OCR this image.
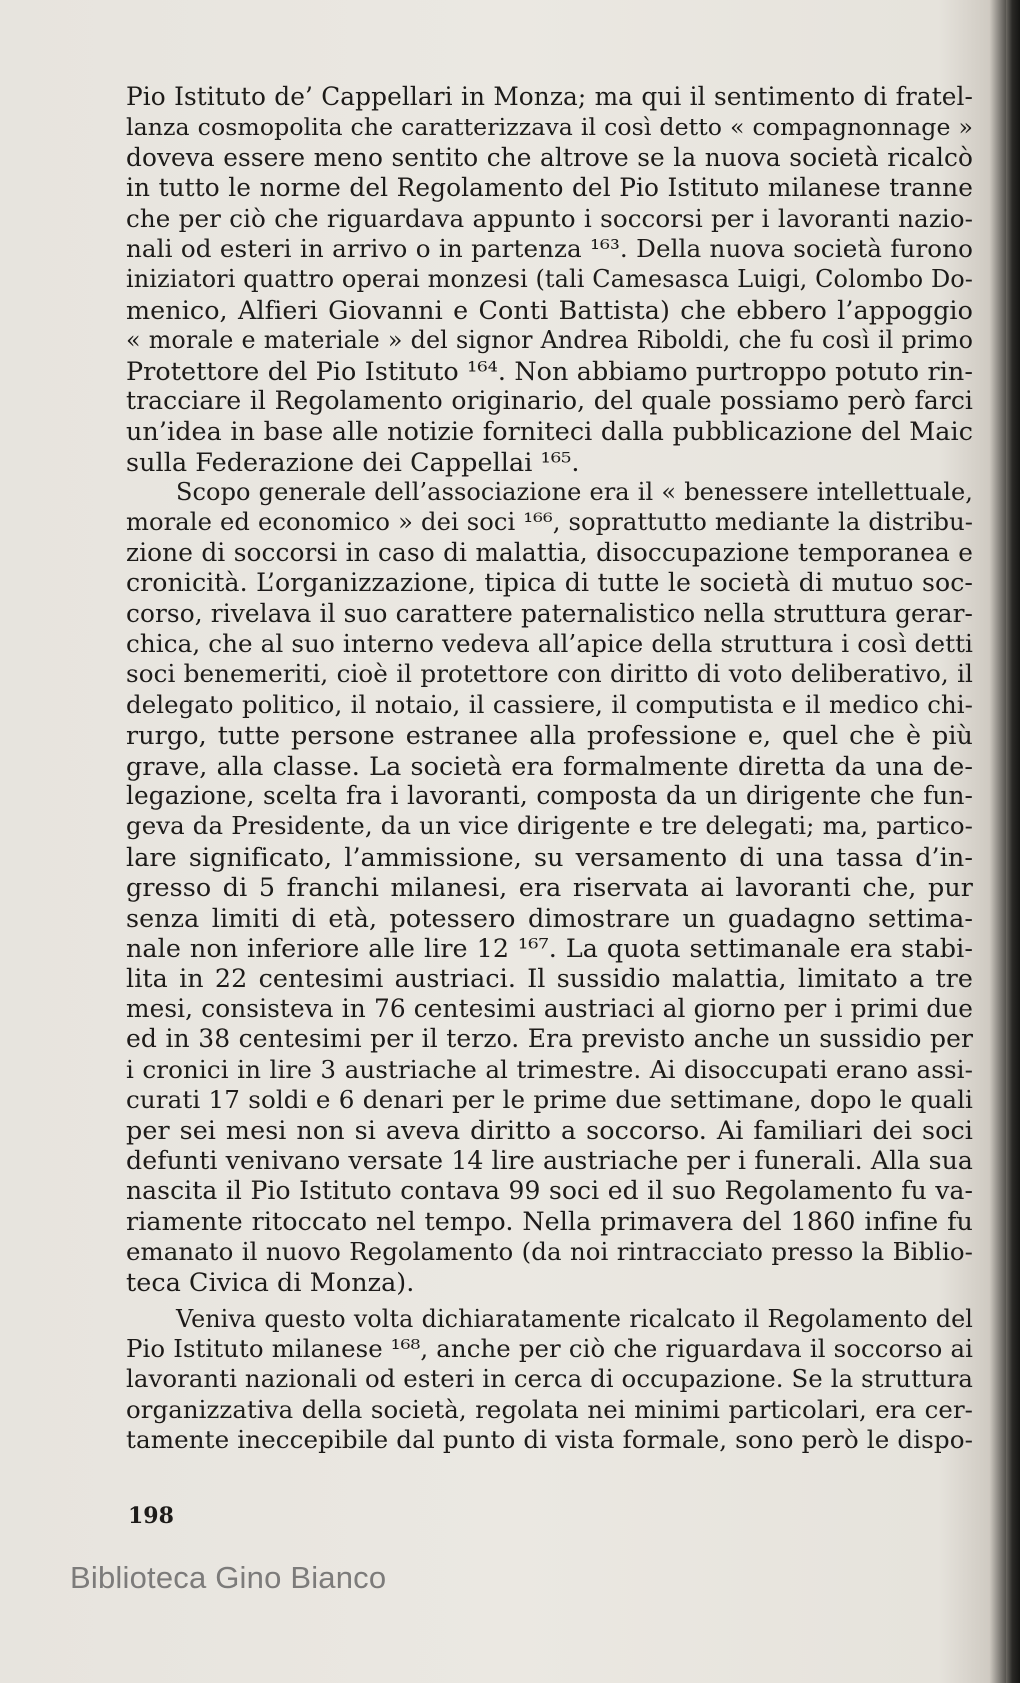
Pio Istituto de’ Cappellari in Monza; ma qui il sentimento di fratel-
lanza cosmopolita che caratterizzava il così detto « compagnonnage »
doveva essere meno sentito che altrove se la nuova società ricalcò
in tutto le norme del Regolamento del Pio Istituto milanese tranne
che per ciò che riguardava appunto i soccorsi per i lavoranti nazio-
nali od esteri in arrivo o in partenza ¹⁶³. Della nuova società furono
iniziatori quattro operai monzesi (tali Camesasca Luigi, Colombo Do-
menico, Alfieri Giovanni e Conti Battista) che ebbero l’appoggio
« morale e materiale » del signor Andrea Riboldi, che fu così il primo
Protettore del Pio Istituto ¹⁶⁴. Non abbiamo purtroppo potuto rin-
tracciare il Regolamento originario, del quale possiamo però farci
un’idea in base alle notizie forniteci dalla pubblicazione del Maic
sulla Federazione dei Cappellai ¹⁶⁵.
Scopo generale dell’associazione era il « benessere intellettuale,
morale ed economico » dei soci ¹⁶⁶, soprattutto mediante la distribu-
zione di soccorsi in caso di malattia, disoccupazione temporanea e
cronicità. L’organizzazione, tipica di tutte le società di mutuo soc-
corso, rivelava il suo carattere paternalistico nella struttura gerar-
chica, che al suo interno vedeva all’apice della struttura i così detti
soci benemeriti, cioè il protettore con diritto di voto deliberativo, il
delegato politico, il notaio, il cassiere, il computista e il medico chi-
rurgo, tutte persone estranee alla professione e, quel che è più
grave, alla classe. La società era formalmente diretta da una de-
legazione, scelta fra i lavoranti, composta da un dirigente che fun-
geva da Presidente, da un vice dirigente e tre delegati; ma, partico-
lare significato, l’ammissione, su versamento di una tassa d’in-
gresso di 5 franchi milanesi, era riservata ai lavoranti che, pur
senza limiti di età, potessero dimostrare un guadagno settima-
nale non inferiore alle lire 12 ¹⁶⁷. La quota settimanale era stabi-
lita in 22 centesimi austriaci. Il sussidio malattia, limitato a tre
mesi, consisteva in 76 centesimi austriaci al giorno per i primi due
ed in 38 centesimi per il terzo. Era previsto anche un sussidio per
i cronici in lire 3 austriache al trimestre. Ai disoccupati erano assi-
curati 17 soldi e 6 denari per le prime due settimane, dopo le quali
per sei mesi non si aveva diritto a soccorso. Ai familiari dei soci
defunti venivano versate 14 lire austriache per i funerali. Alla sua
nascita il Pio Istituto contava 99 soci ed il suo Regolamento fu va-
riamente ritoccato nel tempo. Nella primavera del 1860 infine fu
emanato il nuovo Regolamento (da noi rintracciato presso la Biblio-
teca Civica di Monza).
Veniva questo volta dichiaratamente ricalcato il Regolamento del
Pio Istituto milanese ¹⁶⁸, anche per ciò che riguardava il soccorso ai
lavoranti nazionali od esteri in cerca di occupazione. Se la struttura
organizzativa della società, regolata nei minimi particolari, era cer-
tamente ineccepibile dal punto di vista formale, sono però le dispo-
198
Biblioteca Gino Bianco
